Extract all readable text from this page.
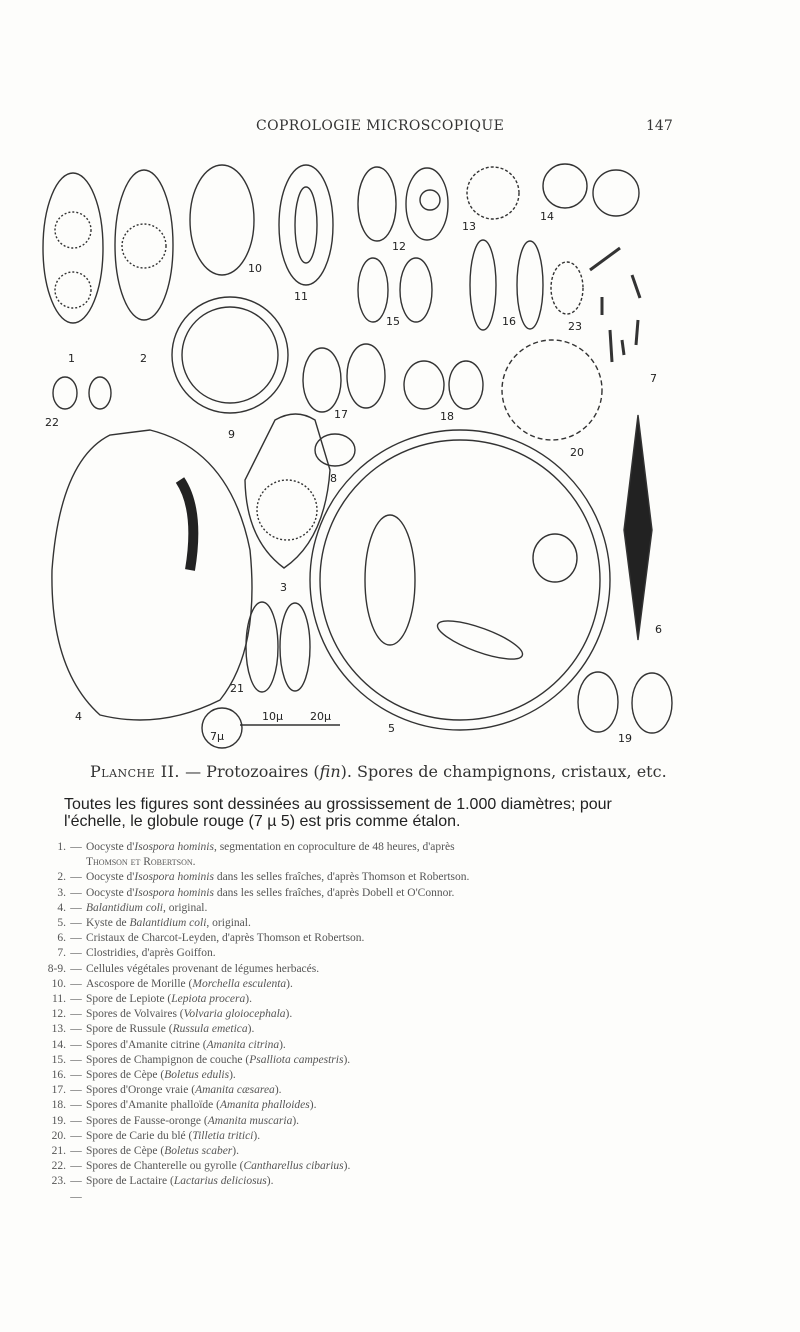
COPROLOGIE MICROSCOPIQUE	147
1	2
3
4
5
6
7
8
9
10
11
12
13
14
15	16
17	18
19
20
21
22
23
10µ 20µ
7µ
Planche II. — Protozoaires (fin). Spores de champignons, cristaux, etc.
Toutes les figures sont dessinées au grossissement de 1.000 diamètres; pour l'échelle, le globule rouge (7 µ 5) est pris comme étalon.
1. — Oocyste d'Isospora hominis, segmentation en coproculture de 48 heures, d'après
Thomson et Robertson.
2. — Oocyste d'Isospora hominis dans les selles fraîches, d'après Thomson et Robertson.
3. — Oocyste d'Isospora hominis dans les selles fraîches, d'après Dobell et O'Connor.
4. — Balantidium coli, original.
5. — Kyste de Balantidium coli, original.
6. — Cristaux de Charcot-Leyden, d'après Thomson et Robertson.
7. — Clostridies, d'après Goiffon.
8-9. — Cellules végétales provenant de légumes herbacés.
10. — Ascospore de Morille (Morchella esculenta).
11. — Spore de Lepiote (Lepiota procera).
12. — Spores de Volvaires (Volvaria gloiocephala).
13. — Spore de Russule (Russula emetica).
14. — Spores d'Amanite citrine (Amanita citrina).
15. — Spores de Champignon de couche (Psalliota campestris).
16. — Spores de Cèpe (Boletus edulis).
17. — Spores d'Oronge vraie (Amanita cæsarea).
18. — Spores d'Amanite phalloïde (Amanita phalloides).
19. — Spores de Fausse-oronge (Amanita muscaria).
20. — Spore de Carie du blé (Tilletia tritici).
21. — Spores de Cèpe (Boletus scaber).
22. — Spores de Chanterelle ou gyrolle (Cantharellus cibarius).
23. — Spore de Lactaire (Lactarius deliciosus).
—
